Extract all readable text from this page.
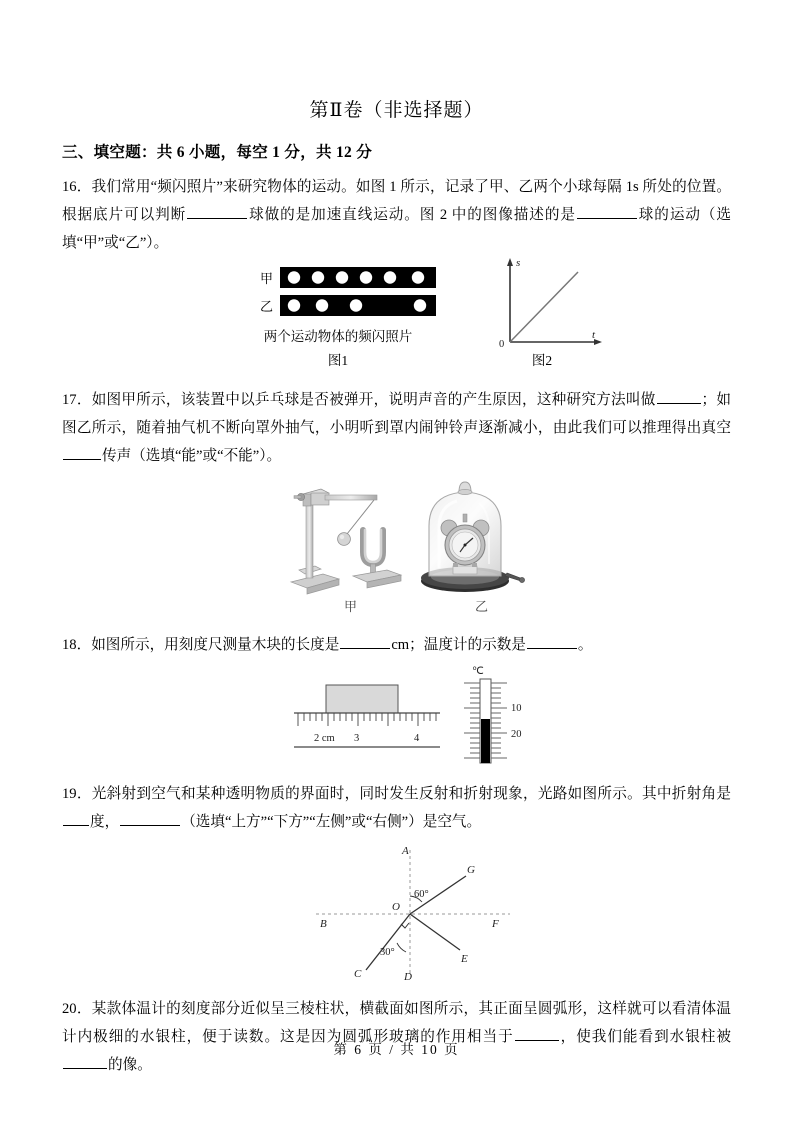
第Ⅱ卷（非选择题）
三、填空题：共 6 小题，每空 1 分，共 12 分
16．我们常用“频闪照片”来研究物体的运动。如图 1 所示，记录了甲、乙两个小球每隔 1s 所处的位置。根据底片可以判断	球做的是加速直线运动。图 2 中的图像描述的是	球的运动（选填“甲”或“乙”）。
甲
乙
s
t
0
两个运动物体的频闪照片
图1	图2
17．如图甲所示，该装置中以乒乓球是否被弹开，说明声音的产生原因，这种研究方法叫做	；如图乙所示，随着抽气机不断向罩外抽气，小明听到罩内闹钟铃声逐渐减小，由此我们可以推理得出真空传声（选填“能”或“不能”）。
甲	乙
18．如图所示，用刻度尺测量木块的长度是	cm；温度计的示数是	。
2 cm 3	4
℃
10
20
19．光斜射到空气和某种透明物质的界面时，同时发生反射和折射现象，光路如图所示。其中折射角是度，	（选填“上方”“下方”“左侧”或“右侧”）是空气。
A
B
C	D
E
F
G
O
60°
30°
20．某款体温计的刻度部分近似呈三棱柱状，横截面如图所示，其正面呈圆弧形，这样就可以看清体温计内极细的水银柱，便于读数。这是因为圆弧形玻璃的作用相当于	，使我们能看到水银柱被的像。
第 6 页 / 共 10 页
